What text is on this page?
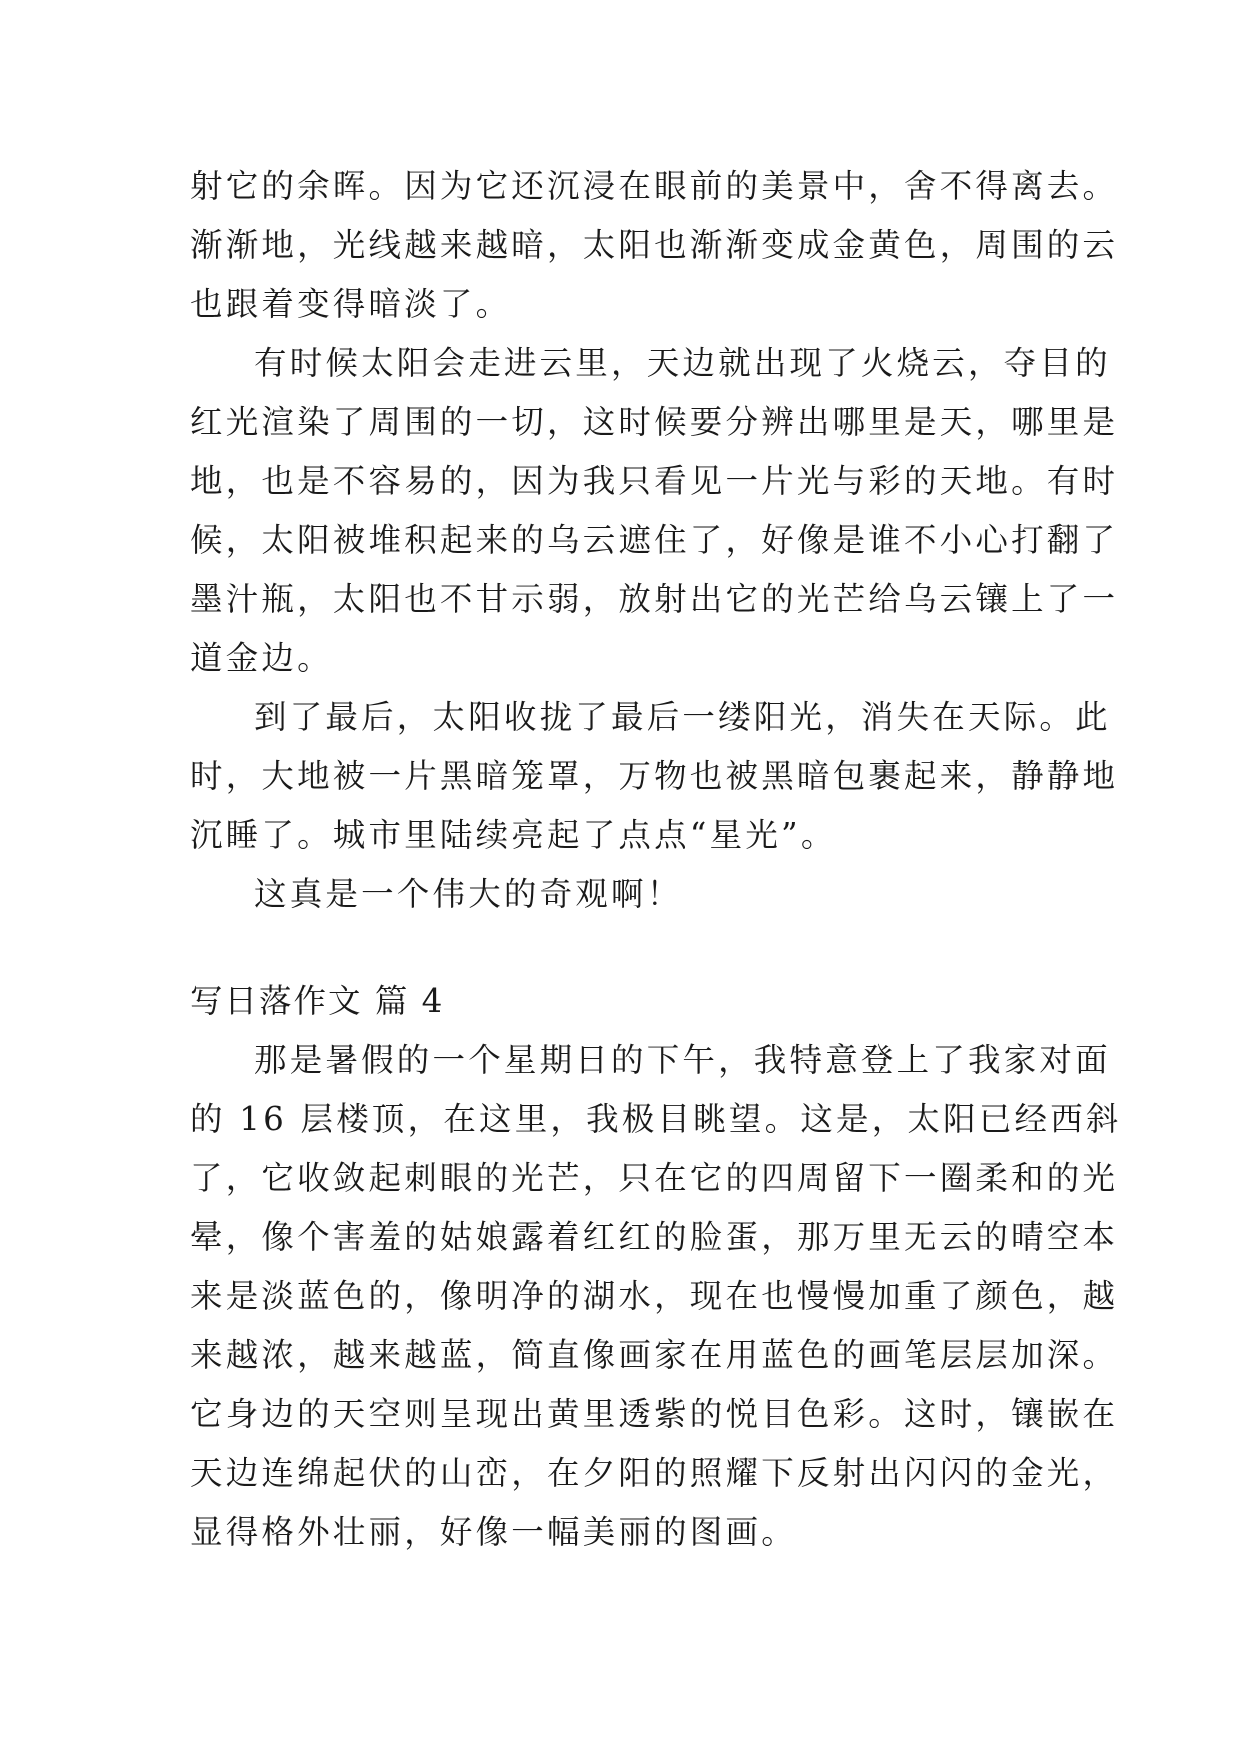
射它的余晖。因为它还沉浸在眼前的美景中，舍不得离去。
渐渐地，光线越来越暗，太阳也渐渐变成金黄色，周围的云
也跟着变得暗淡了。
有时候太阳会走进云里，天边就出现了火烧云，夺目的
红光渲染了周围的一切，这时候要分辨出哪里是天，哪里是
地，也是不容易的，因为我只看见一片光与彩的天地。有时
候，太阳被堆积起来的乌云遮住了，好像是谁不小心打翻了
墨汁瓶，太阳也不甘示弱，放射出它的光芒给乌云镶上了一
道金边。
到了最后，太阳收拢了最后一缕阳光，消失在天际。此
时，大地被一片黑暗笼罩，万物也被黑暗包裹起来，静静地
沉睡了。城市里陆续亮起了点点“星光”。
这真是一个伟大的奇观啊！
写日落作文 篇 4
那是暑假的一个星期日的下午，我特意登上了我家对面
的 16 层楼顶，在这里，我极目眺望。这是，太阳已经西斜
了，它收敛起刺眼的光芒，只在它的四周留下一圈柔和的光
晕，像个害羞的姑娘露着红红的脸蛋，那万里无云的晴空本
来是淡蓝色的，像明净的湖水，现在也慢慢加重了颜色，越
来越浓，越来越蓝，简直像画家在用蓝色的画笔层层加深。
它身边的天空则呈现出黄里透紫的悦目色彩。这时，镶嵌在
天边连绵起伏的山峦，在夕阳的照耀下反射出闪闪的金光，
显得格外壮丽，好像一幅美丽的图画。
